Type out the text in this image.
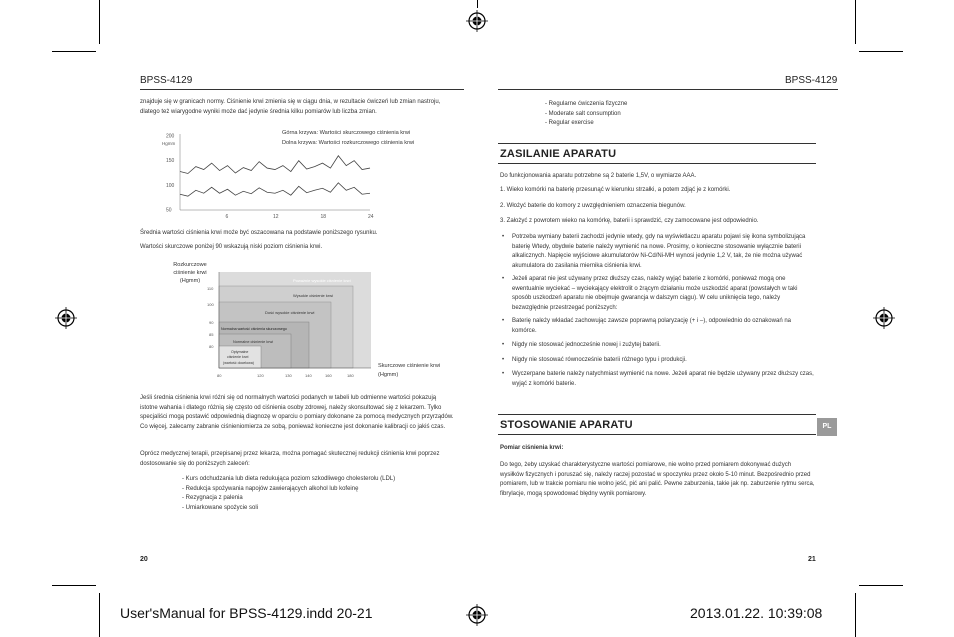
BPSS-4129	BPSS-4129
znajduje się w granicach normy. Ciśnienie krwi zmienia się w ciągu dnia, w rezultacie ćwiczeń lub zmian nastroju, dlatego też wiarygodne wyniki może dać jedynie średnia kilku pomiarów lub liczba zmian.
Górna krzywa: Wartości skurczowego ciśnienia krwi
Dolna krzywa: Wartości rozkurczowego ciśnienia krwi
Hgmm
200
150
100
50
6	12	18	24
Średnia wartości ciśnienia krwi może być oszacowana na podstawie poniższego rysunku.
Wartości skurczowe poniżej 90 wskazują niski poziom ciśnienia krwi.
Rozkurczowe
ciśnienie krwi
(Hgmm)	Poważnie wysokie ciśnienie krwi
Wysokie ciśnienie krwi
Dość wysokie ciśnienie krwi
Normalna wartość ciśnienia skurczowego
Normalne ciśnienie krwi
Optymalne
ciśnienie krwi
(wartość docelowa)
110
100
90
85
80
80	120	130	140	160	180
Skurczowe ciśnienie krwi
(Hgmm)
Jeśli średnia ciśnienia krwi różni się od normalnych wartości podanych w tabeli lub odmienne wartości pokazują istotne wahania i dlatego różnią się często od ciśnienia osoby zdrowej, należy skonsultować się z lekarzem. Tylko specjaliści mogą postawić odpowiednią diagnozę w oparciu o pomiary dokonane za pomocą medycznych przyrządów. Co więcej, zalecamy zabranie ciśnieniomierza ze sobą, ponieważ konieczne jest dokonanie kalibracji co jakiś czas.
Oprócz medycznej terapii, przepisanej przez lekarza, można pomagać skutecznej redukcji ciśnienia krwi poprzez dostosowanie się do poniższych zaleceń:
- Kurs odchudzania lub dieta redukująca poziom szkodliwego cholesterolu (LDL)
- Redukcja spożywania napojów zawierających alkohol lub kofeinę
- Rezygnacja z palenia
- Umiarkowane spożycie soli
20
- Regularne ćwiczenia fizyczne
- Moderate salt consumption
- Regular exercise
ZASILANIE APARATU
Do funkcjonowania aparatu potrzebne są 2 baterie 1,5V, o wymiarze AAA.
1. Wieko komórki na baterię przesunąć w kierunku strzałki, a potem zdjąć je z komórki.
2. Włożyć baterie do komory z uwzględnieniem oznaczenia biegunów.
3. Założyć z powrotem wieko na komórkę, baterii i sprawdzić, czy zamocowane jest odpowiednio.
• Potrzeba wymiany baterii zachodzi jedynie wtedy, gdy na wyświetlaczu aparatu pojawi się ikona symbolizująca baterię Wtedy, obydwie baterie należy wymienić na nowe. Prosimy, o konieczne stosowanie wyłącznie baterii alkalicznych. Napięcie wyjściowe akumulatorów Ni-Cd/Ni-MH wynosi jedynie 1,2 V, tak, że nie można używać akumulatora do zasilania miernika ciśnienia krwi.
• Jeżeli aparat nie jest używany przez dłuższy czas, należy wyjąć baterie z komórki, ponieważ mogą one ewentualnie wyciekać – wyciekający elektrolit o żrącym działaniu może uszkodzić aparat (powstałych w taki sposób uszkodzeń aparatu nie obejmuje gwarancja w dalszym ciągu). W celu uniknięcia tego, należy bezwzględnie przestrzegać poniższych:
• Baterię należy wkładać zachowując zawsze poprawną polaryzację (+ i –), odpowiednio do oznakowań na komórce.
• Nigdy nie stosować jednocześnie nowej i zużytej baterii.
• Nigdy nie stosować równocześnie baterii różnego typu i produkcji.
• Wyczerpane baterie należy natychmiast wymienić na nowe. Jeżeli aparat nie będzie używany przez dłuższy czas, wyjąć z komórki baterie.
STOSOWANIE APARATU	PL
Pomiar ciśnienia krwi:
Do tego, żeby uzyskać charakterystyczne wartości pomiarowe, nie wolno przed pomiarem dokonywać dużych wysiłków fizycznych i poruszać się, należy raczej pozostać w spoczynku przez około 5-10 minut. Bezpośrednio przed pomiarem, lub w trakcie pomiaru nie wolno jeść, pić ani palić. Pewne zaburzenia, takie jak np. zaburzenie rytmu serca, fibrylacje, mogą spowodować błędny wynik pomiarowy.
21
User'sManual for BPSS-4129.indd 20-21	2013.01.22. 10:39:08
